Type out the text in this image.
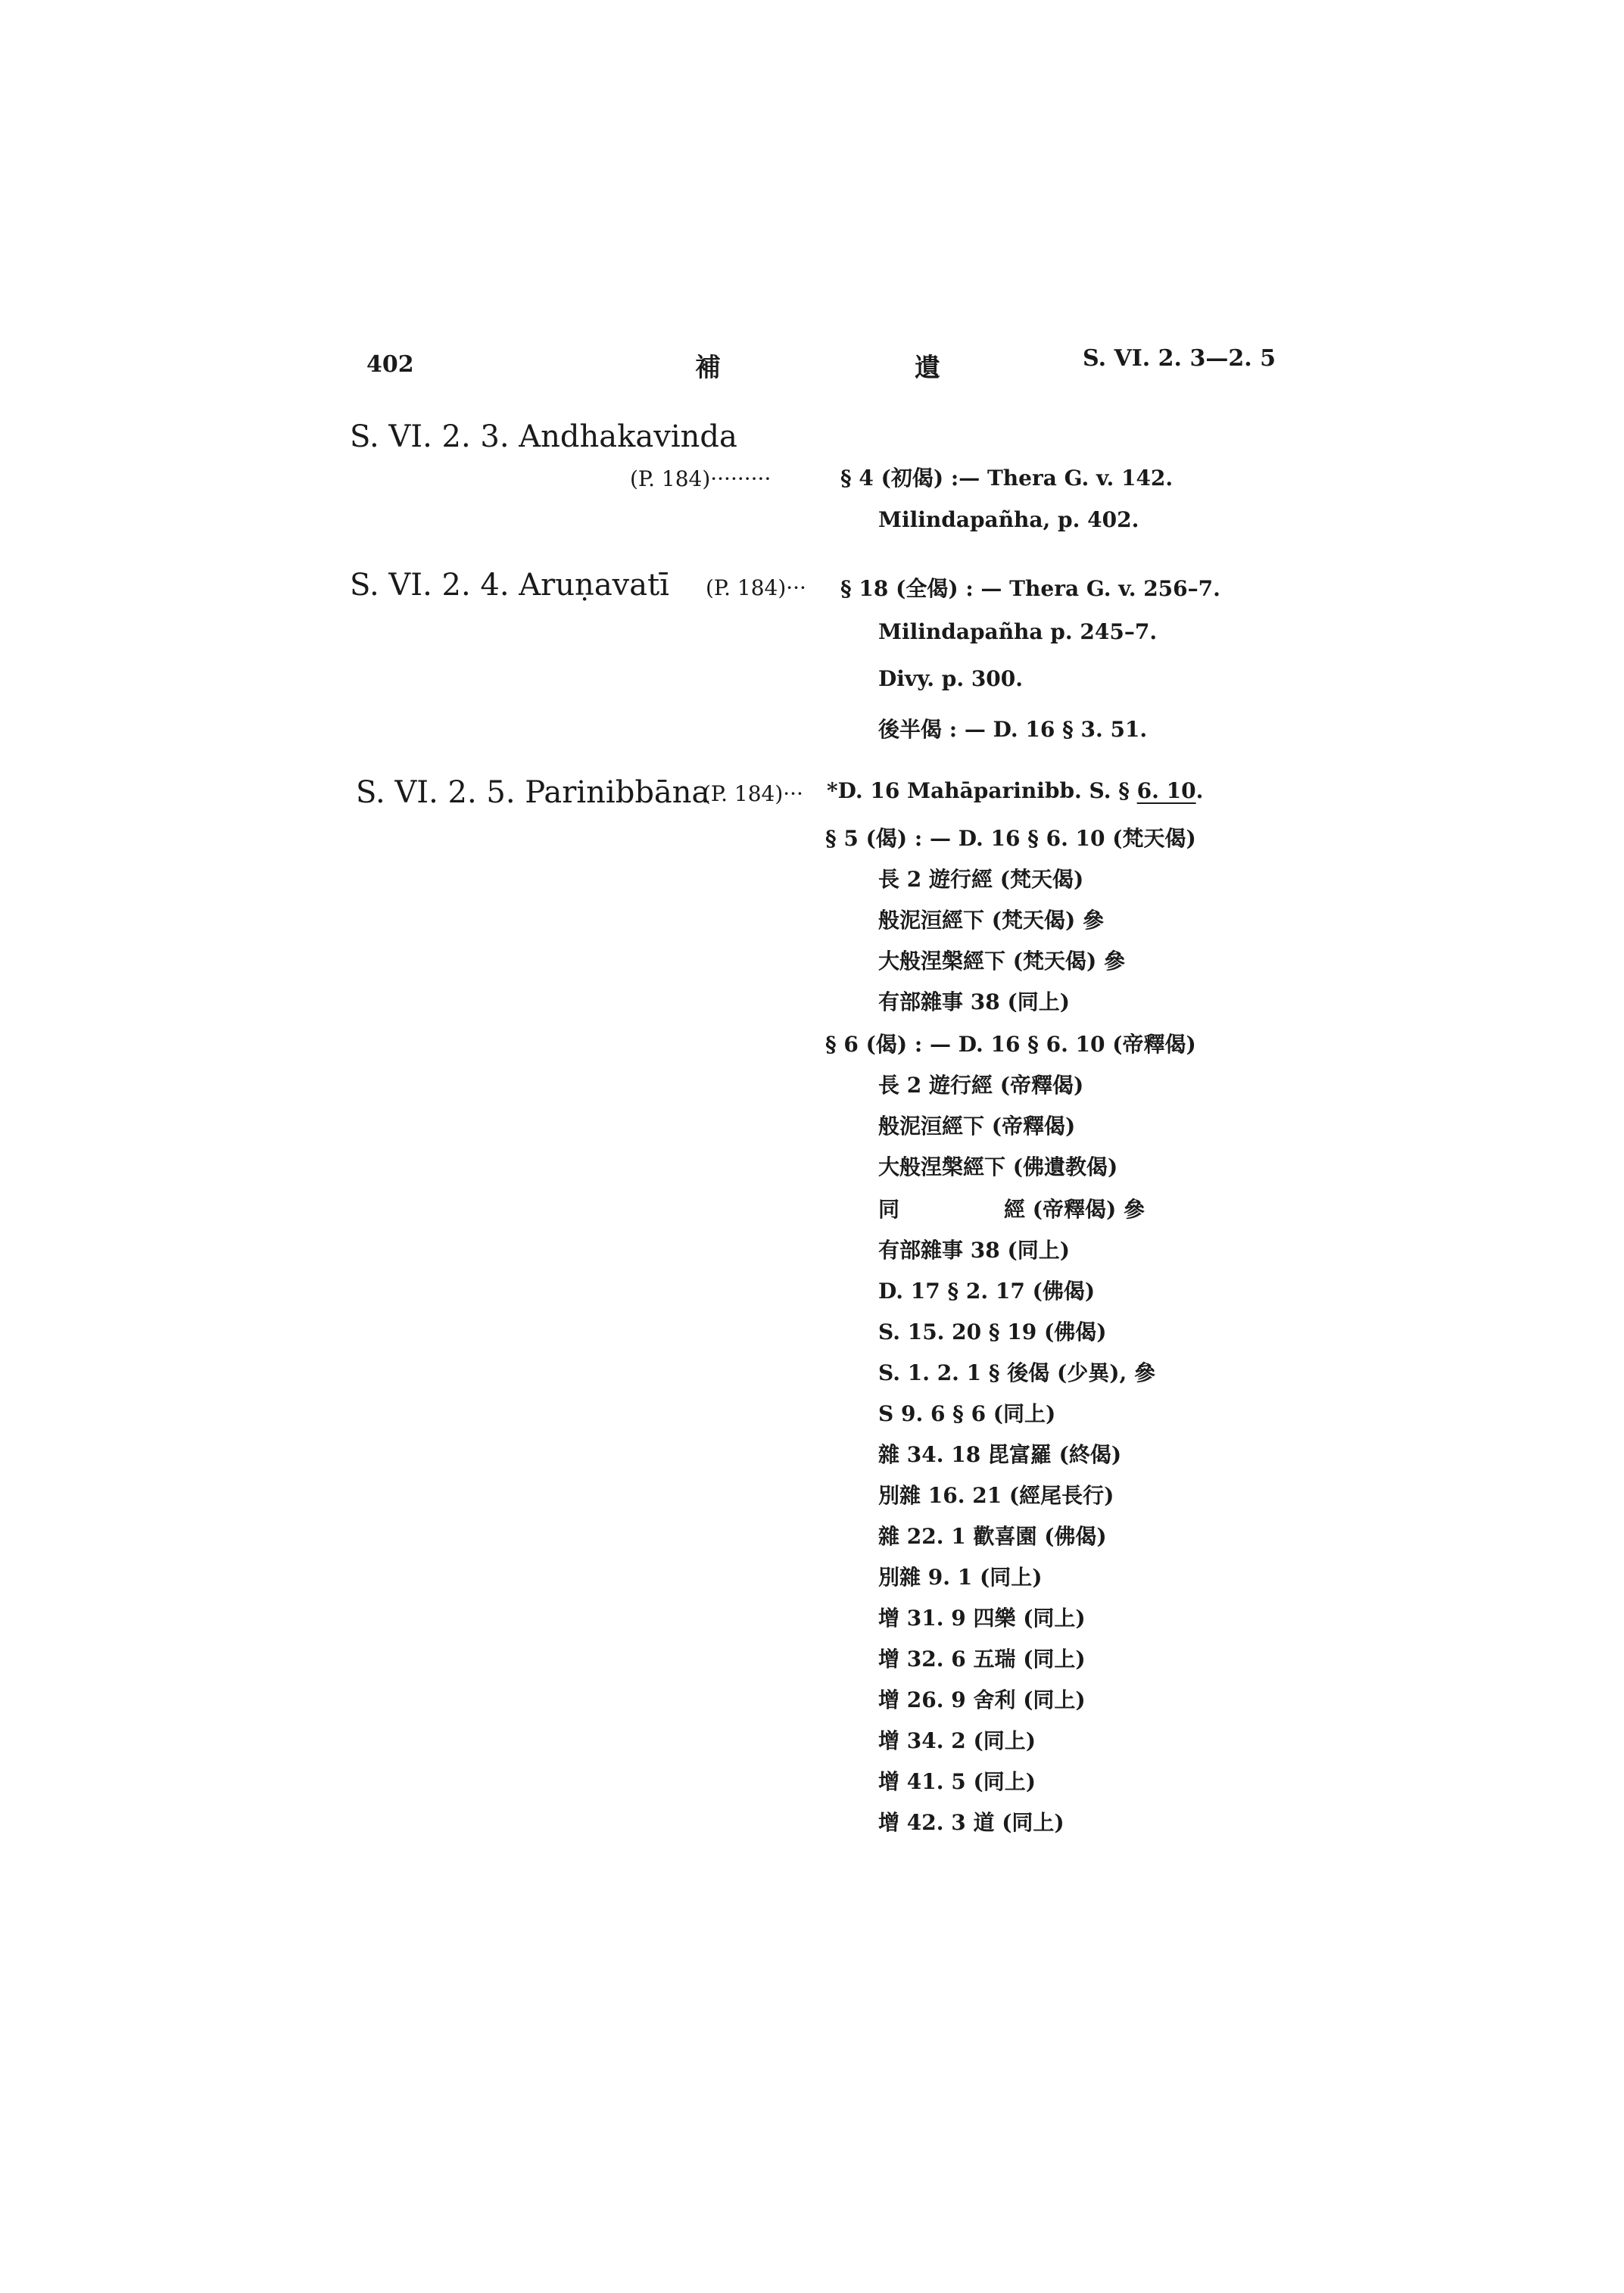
402	補	遺	S. VI. 2. 3—2. 5
S. VI. 2. 3. Andhakavinda
(P. 184)·········	§ 4 (初偈) :— Thera G. v. 142.
Milindapañha, p. 402.
S. VI. 2. 4. Aruṇavatī (P. 184)··· § 18 (全偈) : — Thera G. v. 256–7.
Milindapañha p. 245–7.
Divy. p. 300.
後半偈 : — D. 16 § 3. 51.
S. VI. 2. 5. Parinibbāna
(P. 184)··· *D. 16 Mahāparinibb. S. § 6. 10.
§ 5 (偈) : — D. 16 § 6. 10 (梵天偈)
長 2 遊行經 (梵天偈)
般泥洹經下 (梵天偈) 參
大般涅槃經下 (梵天偈) 參
有部雜事 38 (同上)
§ 6 (偈) : — D. 16 § 6. 10 (帝釋偈)
長 2 遊行經 (帝釋偈)
般泥洹經下 (帝釋偈)
大般涅槃經下 (佛遺教偈)
同	經 (帝釋偈) 參
有部雜事 38 (同上)
D. 17 § 2. 17 (佛偈)
S. 15. 20 § 19 (佛偈)
S. 1. 2. 1 § 後偈 (少異), 參
S 9. 6 § 6 (同上)
雜 34. 18 毘富羅 (終偈)
別雜 16. 21 (經尾長行)
雜 22. 1 歡喜園 (佛偈)
別雜 9. 1 (同上)
增 31. 9 四樂 (同上)
增 32. 6 五瑞 (同上)
增 26. 9 舍利 (同上)
增 34. 2 (同上)
增 41. 5 (同上)
增 42. 3 道 (同上)
